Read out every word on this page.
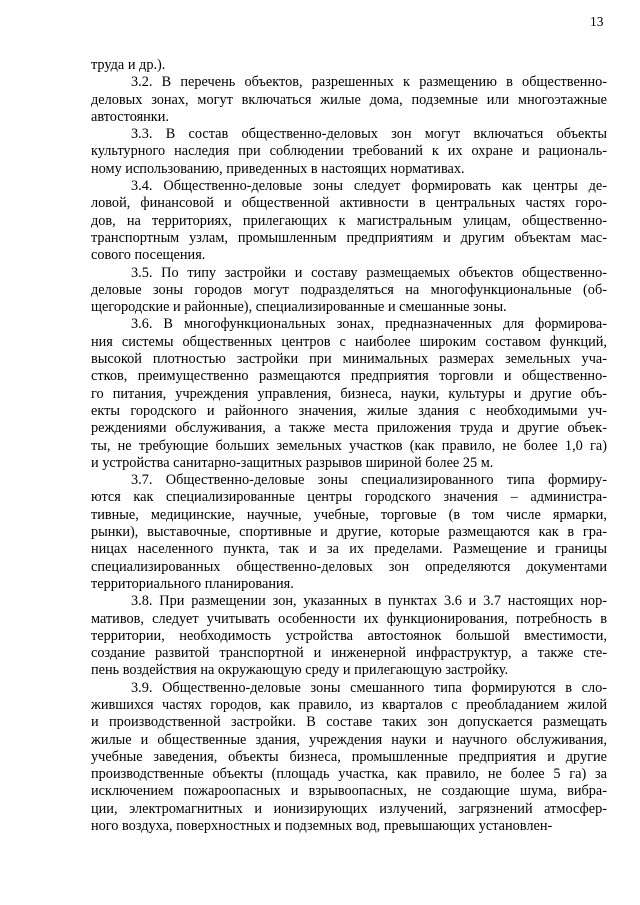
13
труда и др.).
3.2. В перечень объектов, разрешенных к размещению в общественно-
деловых зонах, могут включаться жилые дома, подземные или многоэтажные
автостоянки.
3.3. В состав общественно-деловых зон могут включаться объекты
культурного наследия при соблюдении требований к их охране и рациональ-
ному использованию, приведенных в настоящих нормативах.
3.4. Общественно-деловые зоны следует формировать как центры де-
ловой, финансовой и общественной активности в центральных частях горо-
дов, на территориях, прилегающих к магистральным улицам, общественно-
транспортным узлам, промышленным предприятиям и другим объектам мас-
сового посещения.
3.5. По типу застройки и составу размещаемых объектов общественно-
деловые зоны городов могут подразделяться на многофункциональные (об-
щегородские и районные), специализированные и смешанные зоны.
3.6. В многофункциональных зонах, предназначенных для формирова-
ния системы общественных центров с наиболее широким составом функций,
высокой плотностью застройки при минимальных размерах земельных уча-
стков, преимущественно размещаются предприятия торговли и общественно-
го питания, учреждения управления, бизнеса, науки, культуры и другие объ-
екты городского и районного значения, жилые здания с необходимыми уч-
реждениями обслуживания, а также места приложения труда и другие объек-
ты, не требующие больших земельных участков (как правило, не более 1,0 га)
и устройства санитарно-защитных разрывов шириной более 25 м.
3.7. Общественно-деловые зоны специализированного типа формиру-
ются как специализированные центры городского значения – администра-
тивные, медицинские, научные, учебные, торговые (в том числе ярмарки,
рынки), выставочные, спортивные и другие, которые размещаются как в гра-
ницах населенного пункта, так и за их пределами. Размещение и границы
специализированных общественно-деловых зон определяются документами
территориального планирования.
3.8. При размещении зон, указанных в пунктах 3.6 и 3.7 настоящих нор-
мативов, следует учитывать особенности их функционирования, потребность в
территории, необходимость устройства автостоянок большой вместимости,
создание развитой транспортной и инженерной инфраструктур, а также сте-
пень воздействия на окружающую среду и прилегающую застройку.
3.9. Общественно-деловые зоны смешанного типа формируются в сло-
жившихся частях городов, как правило, из кварталов с преобладанием жилой
и производственной застройки. В составе таких зон допускается размещать
жилые и общественные здания, учреждения науки и научного обслуживания,
учебные заведения, объекты бизнеса, промышленные предприятия и другие
производственные объекты (площадь участка, как правило, не более 5 га) за
исключением пожароопасных и взрывоопасных, не создающие шума, вибра-
ции, электромагнитных и ионизирующих излучений, загрязнений атмосфер-
ного воздуха, поверхностных и подземных вод, превышающих установлен-
